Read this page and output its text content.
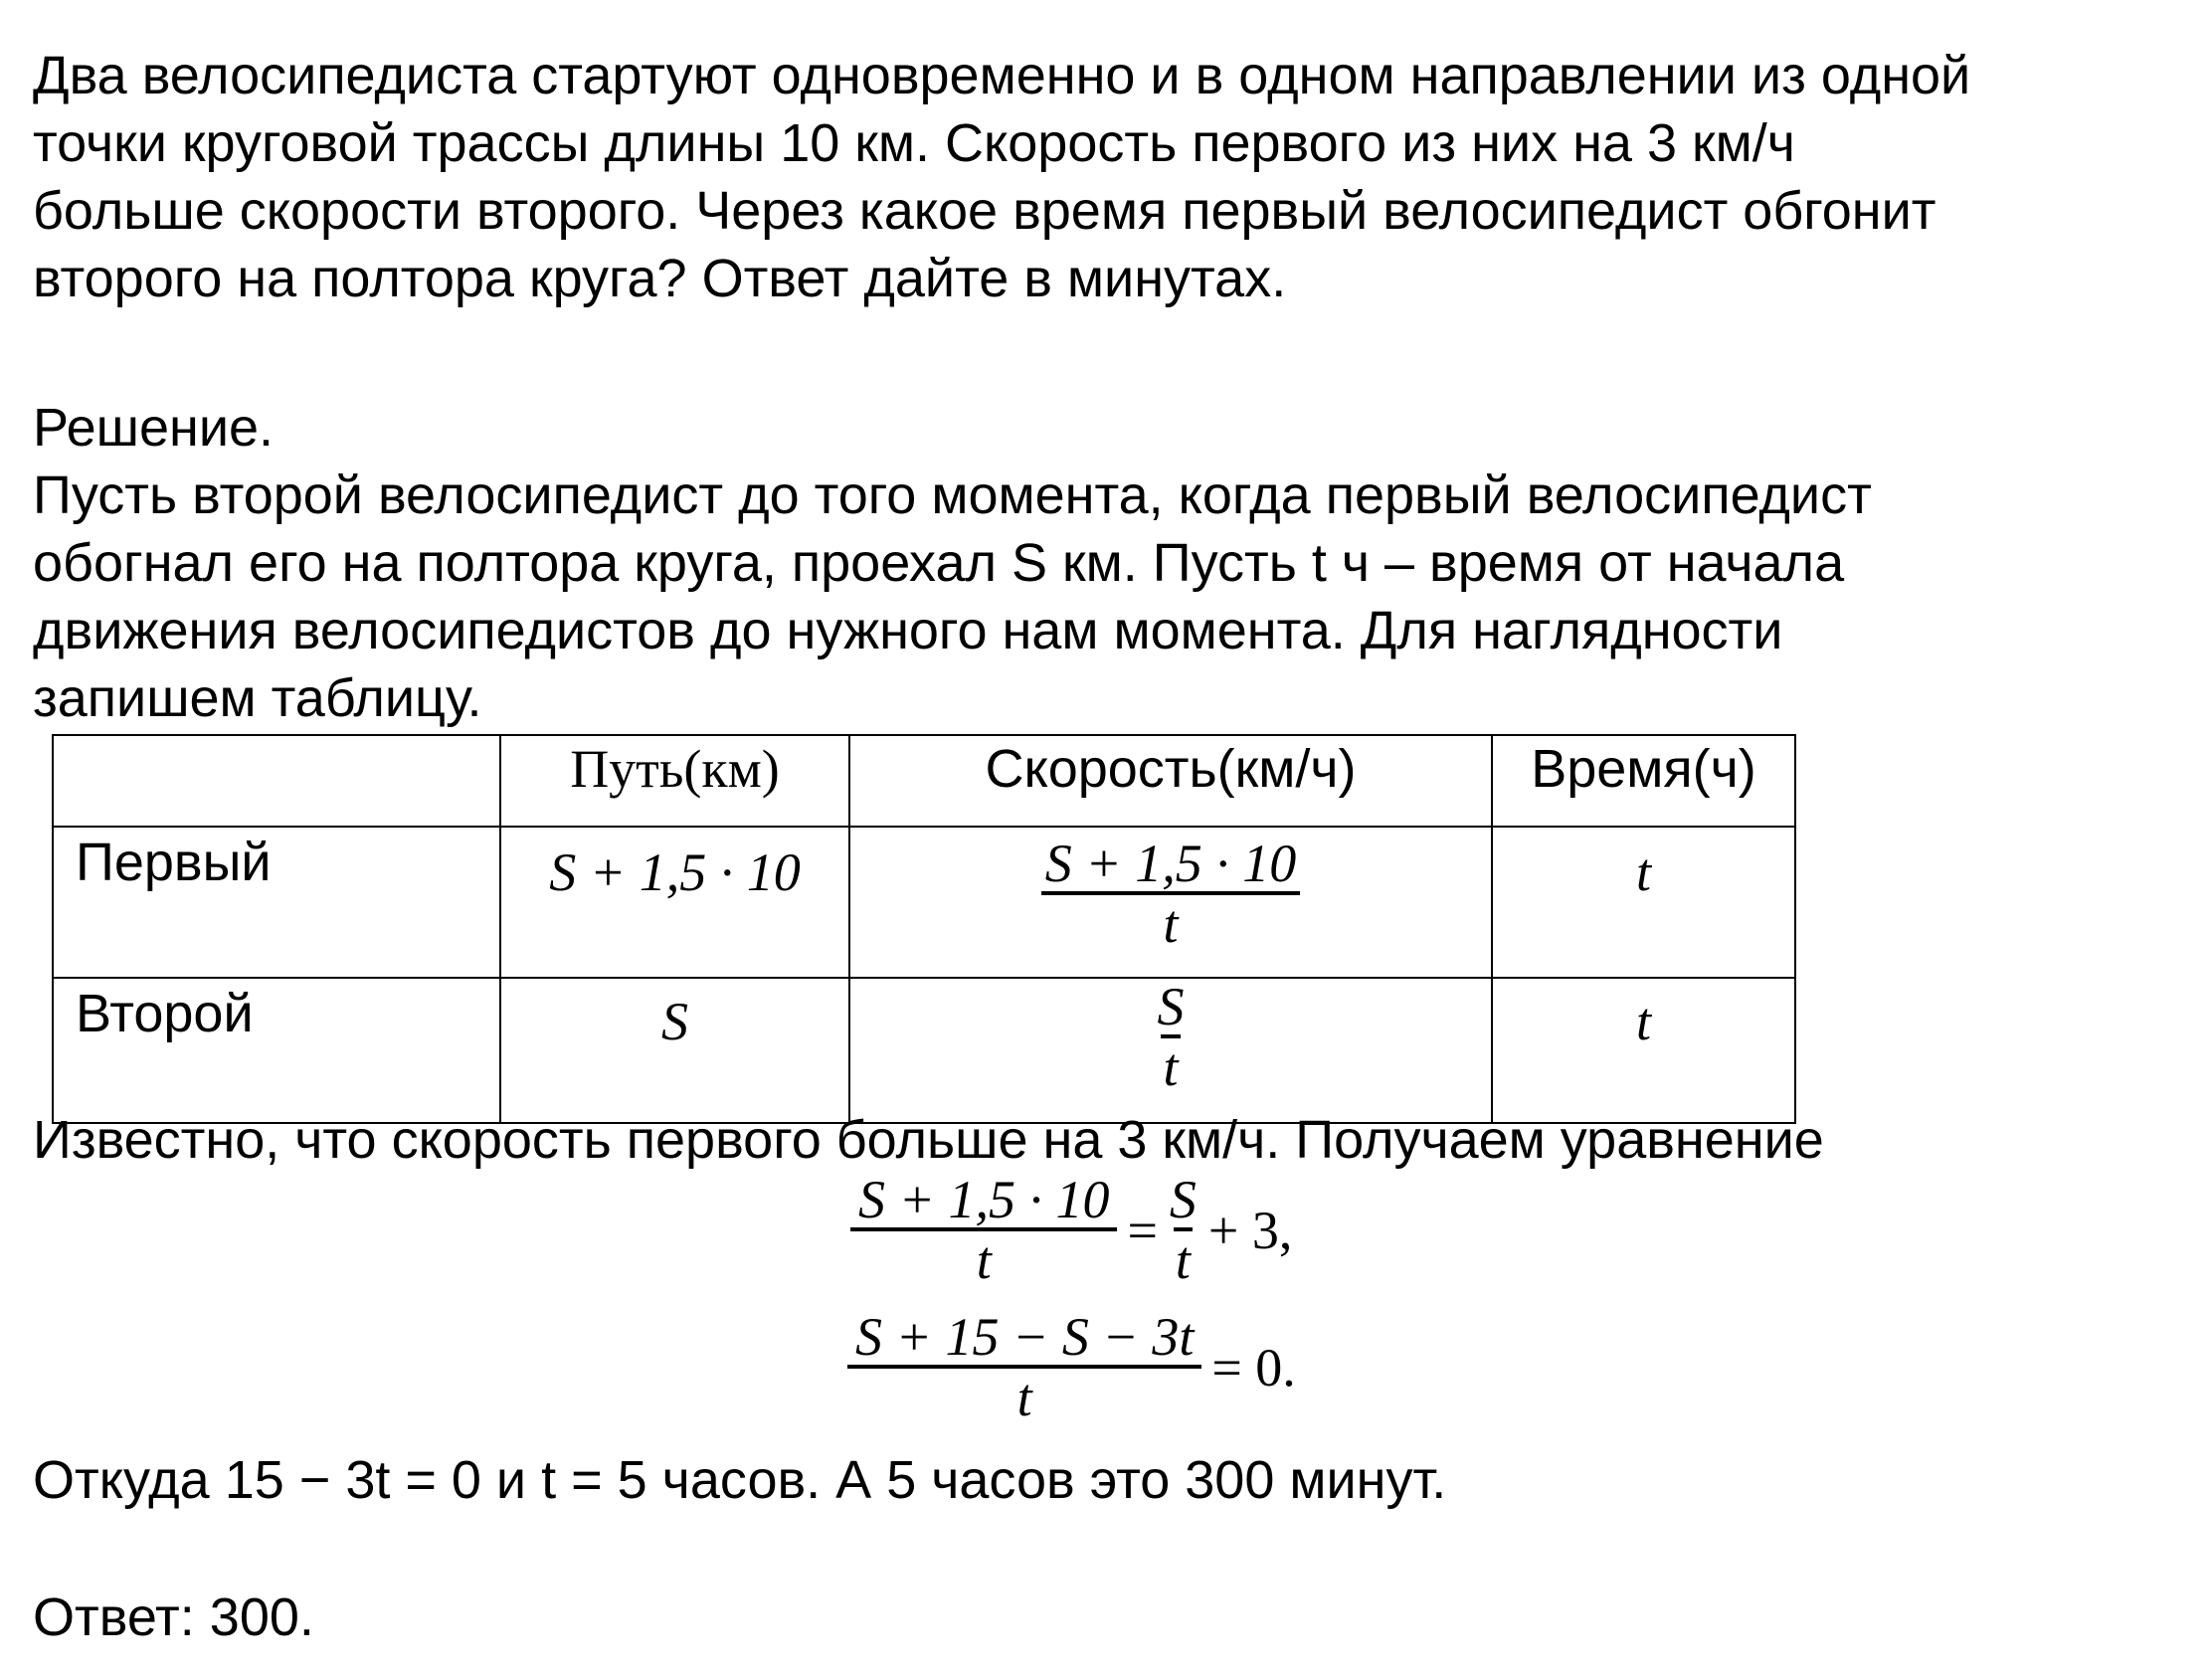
Два велосипедиста стартуют одновременно и в одном направлении из одной
точки круговой трассы длины 10 км. Скорость первого из них на 3 км/ч
больше скорости второго. Через какое время первый велосипедист обгонит
второго на полтора круга? Ответ дайте в минутах.
Решение.
Пусть второй велосипедист до того момента, когда первый велосипедист
обогнал его на полтора круга, проехал S км. Пусть t ч – время от начала
движения велосипедистов до нужного нам момента. Для наглядности
запишем таблицу.
	Путь(км)	Скорость(км/ч)	Время(ч)
Первый	S + 1,5 · 10	$\frac{S + 1,5 \cdot 10}{t}$	t
Второй	S	$\frac{S}{t}$	t
Известно, что скорость первого больше на 3 км/ч. Получаем уравнение
$\frac{S + 1,5 \cdot 10}{t} = \frac{S}{t} + 3$,
$\frac{S + 15 - S - 3t}{t} = 0$.
Откуда 15 − 3t = 0 и t = 5 часов. А 5 часов это 300 минут.
Ответ: 300.
